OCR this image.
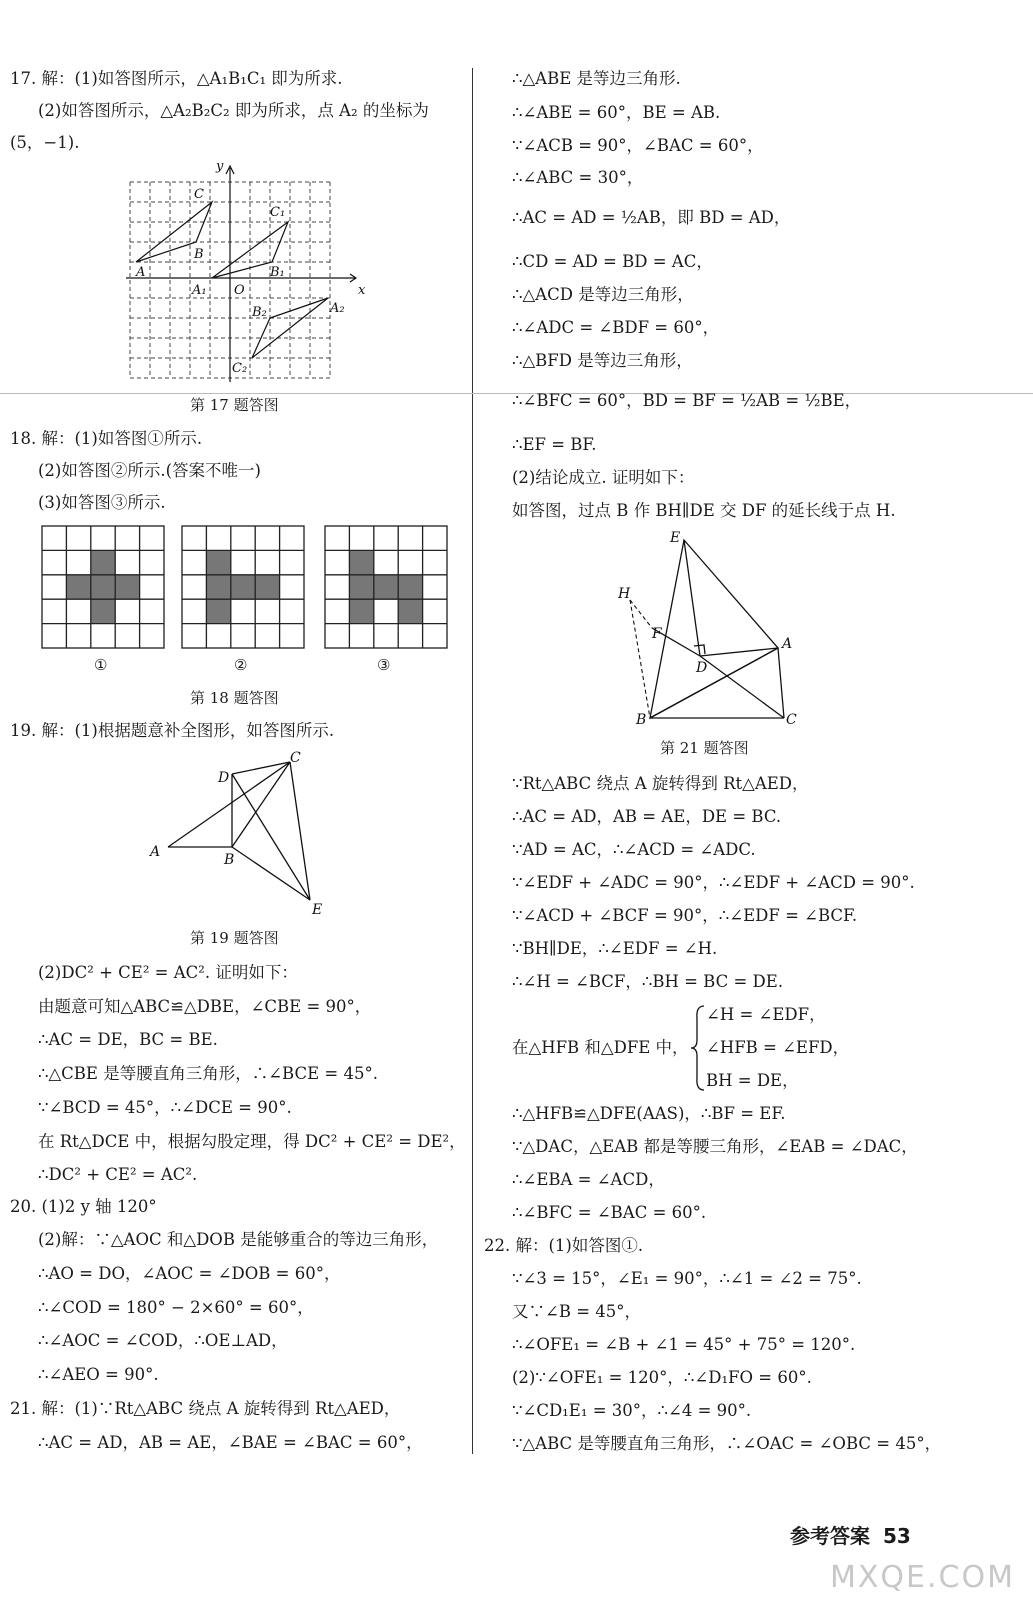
17. 解：(1)如答图所示，△A₁B₁C₁ 即为所求.
(2)如答图所示，△A₂B₂C₂ 即为所求，点 A₂ 的坐标为
(5，−1).
x
y
O
A
B
C
A₁
B₁
C₁
A₂
B₂
C₂
第 17 题答图
18. 解：(1)如答图①所示.
(2)如答图②所示.(答案不唯一)
(3)如答图③所示.
①	②	③
第 18 题答图
19. 解：(1)根据题意补全图形，如答图所示.
A	B
C
D
E
第 19 题答图
(2)DC² + CE² = AC². 证明如下：
由题意可知△ABC≌△DBE，∠CBE = 90°，
∴AC = DE，BC = BE.
∴△CBE 是等腰直角三角形，∴∠BCE = 45°.
∵∠BCD = 45°，∴∠DCE = 90°.
在 Rt△DCE 中，根据勾股定理，得 DC² + CE² = DE²，
∴DC² + CE² = AC².
20. (1)2 y 轴 120°
(2)解：∵△AOC 和△DOB 是能够重合的等边三角形，
∴AO = DO，∠AOC = ∠DOB = 60°，
∴∠COD = 180° − 2×60° = 60°，
∴∠AOC = ∠COD，∴OE⊥AD，
∴∠AEO = 90°.
21. 解：(1)∵Rt△ABC 绕点 A 旋转得到 Rt△AED，
∴AC = AD，AB = AE，∠BAE = ∠BAC = 60°，
∴△ABE 是等边三角形.
∴∠ABE = 60°，BE = AB.
∵∠ACB = 90°，∠BAC = 60°，
∴∠ABC = 30°，
∴AC = AD = ½AB，即 BD = AD，
∴CD = AD = BD = AC，
∴△ACD 是等边三角形，
∴∠ADC = ∠BDF = 60°，
∴△BFD 是等边三角形，
∴∠BFC = 60°，BD = BF = ½AB = ½BE，
∴EF = BF.
(2)结论成立. 证明如下：
如答图，过点 B 作 BH∥DE 交 DF 的延长线于点 H.
E
H
F
D
A
B	C
第 21 题答图
∵Rt△ABC 绕点 A 旋转得到 Rt△AED，
∴AC = AD，AB = AE，DE = BC.
∵AD = AC，∴∠ACD = ∠ADC.
∵∠EDF + ∠ADC = 90°，∴∠EDF + ∠ACD = 90°.
∵∠ACD + ∠BCF = 90°，∴∠EDF = ∠BCF.
∵BH∥DE，∴∠EDF = ∠H.
∴∠H = ∠BCF，∴BH = BC = DE.
在△HFB 和△DFE 中，
∠H = ∠EDF，
∠HFB = ∠EFD，
BH = DE，
∴△HFB≌△DFE(AAS)，∴BF = EF.
∵△DAC，△EAB 都是等腰三角形，∠EAB = ∠DAC，
∴∠EBA = ∠ACD，
∴∠BFC = ∠BAC = 60°.
22. 解：(1)如答图①.
∵∠3 = 15°，∠E₁ = 90°，∴∠1 = ∠2 = 75°.
又∵∠B = 45°，
∴∠OFE₁ = ∠B + ∠1 = 45° + 75° = 120°.
(2)∵∠OFE₁ = 120°，∴∠D₁FO = 60°.
∵∠CD₁E₁ = 30°，∴∠4 = 90°.
∵△ABC 是等腰直角三角形，∴∠OAC = ∠OBC = 45°，
参考答案 53
MXQE.COM
